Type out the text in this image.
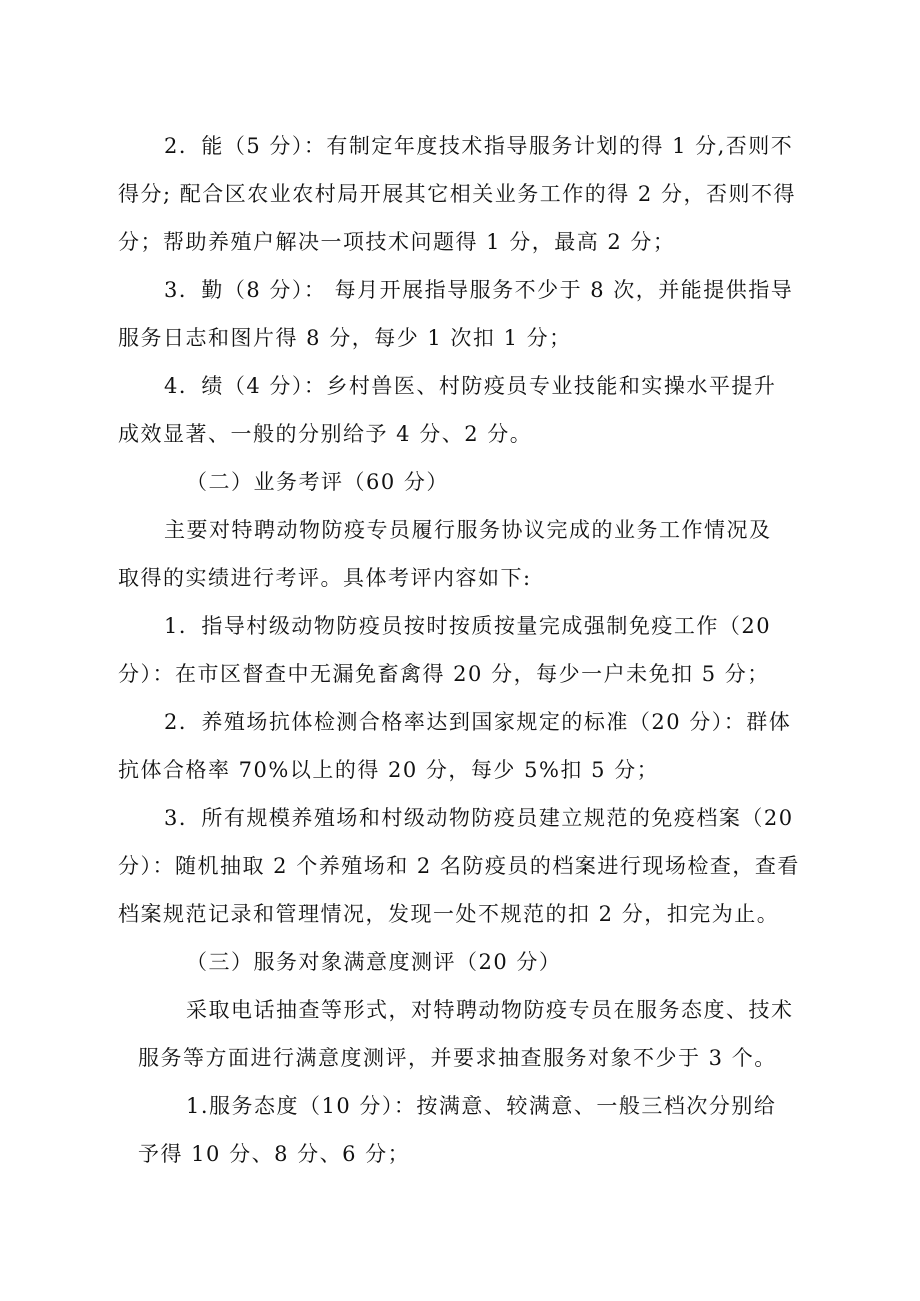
2．能（5 分）：有制定年度技术指导服务计划的得 1 分,否则不
得分; 配合区农业农村局开展其它相关业务工作的得 2 分，否则不得
分；帮助养殖户解决一项技术问题得 1 分，最高 2 分；
3．勤（8 分）： 每月开展指导服务不少于 8 次，并能提供指导
服务日志和图片得 8 分，每少 1 次扣 1 分；
4．绩（4 分）：乡村兽医、村防疫员专业技能和实操水平提升
成效显著、一般的分别给予 4 分、2 分。
（二）业务考评（60 分）
主要对特聘动物防疫专员履行服务协议完成的业务工作情况及
取得的实绩进行考评。具体考评内容如下:
1．指导村级动物防疫员按时按质按量完成强制免疫工作（20
分）：在市区督查中无漏免畜禽得 20 分，每少一户未免扣 5 分；
2．养殖场抗体检测合格率达到国家规定的标准（20 分）：群体
抗体合格率 70%以上的得 20 分，每少 5%扣 5 分；
3．所有规模养殖场和村级动物防疫员建立规范的免疫档案（20
分）：随机抽取 2 个养殖场和 2 名防疫员的档案进行现场检查，查看
档案规范记录和管理情况，发现一处不规范的扣 2 分，扣完为止。
（三）服务对象满意度测评（20 分）
采取电话抽查等形式，对特聘动物防疫专员在服务态度、技术
服务等方面进行满意度测评，并要求抽查服务对象不少于 3 个。
1.服务态度（10 分）：按满意、较满意、一般三档次分别给
予得 10 分、8 分、6 分；
